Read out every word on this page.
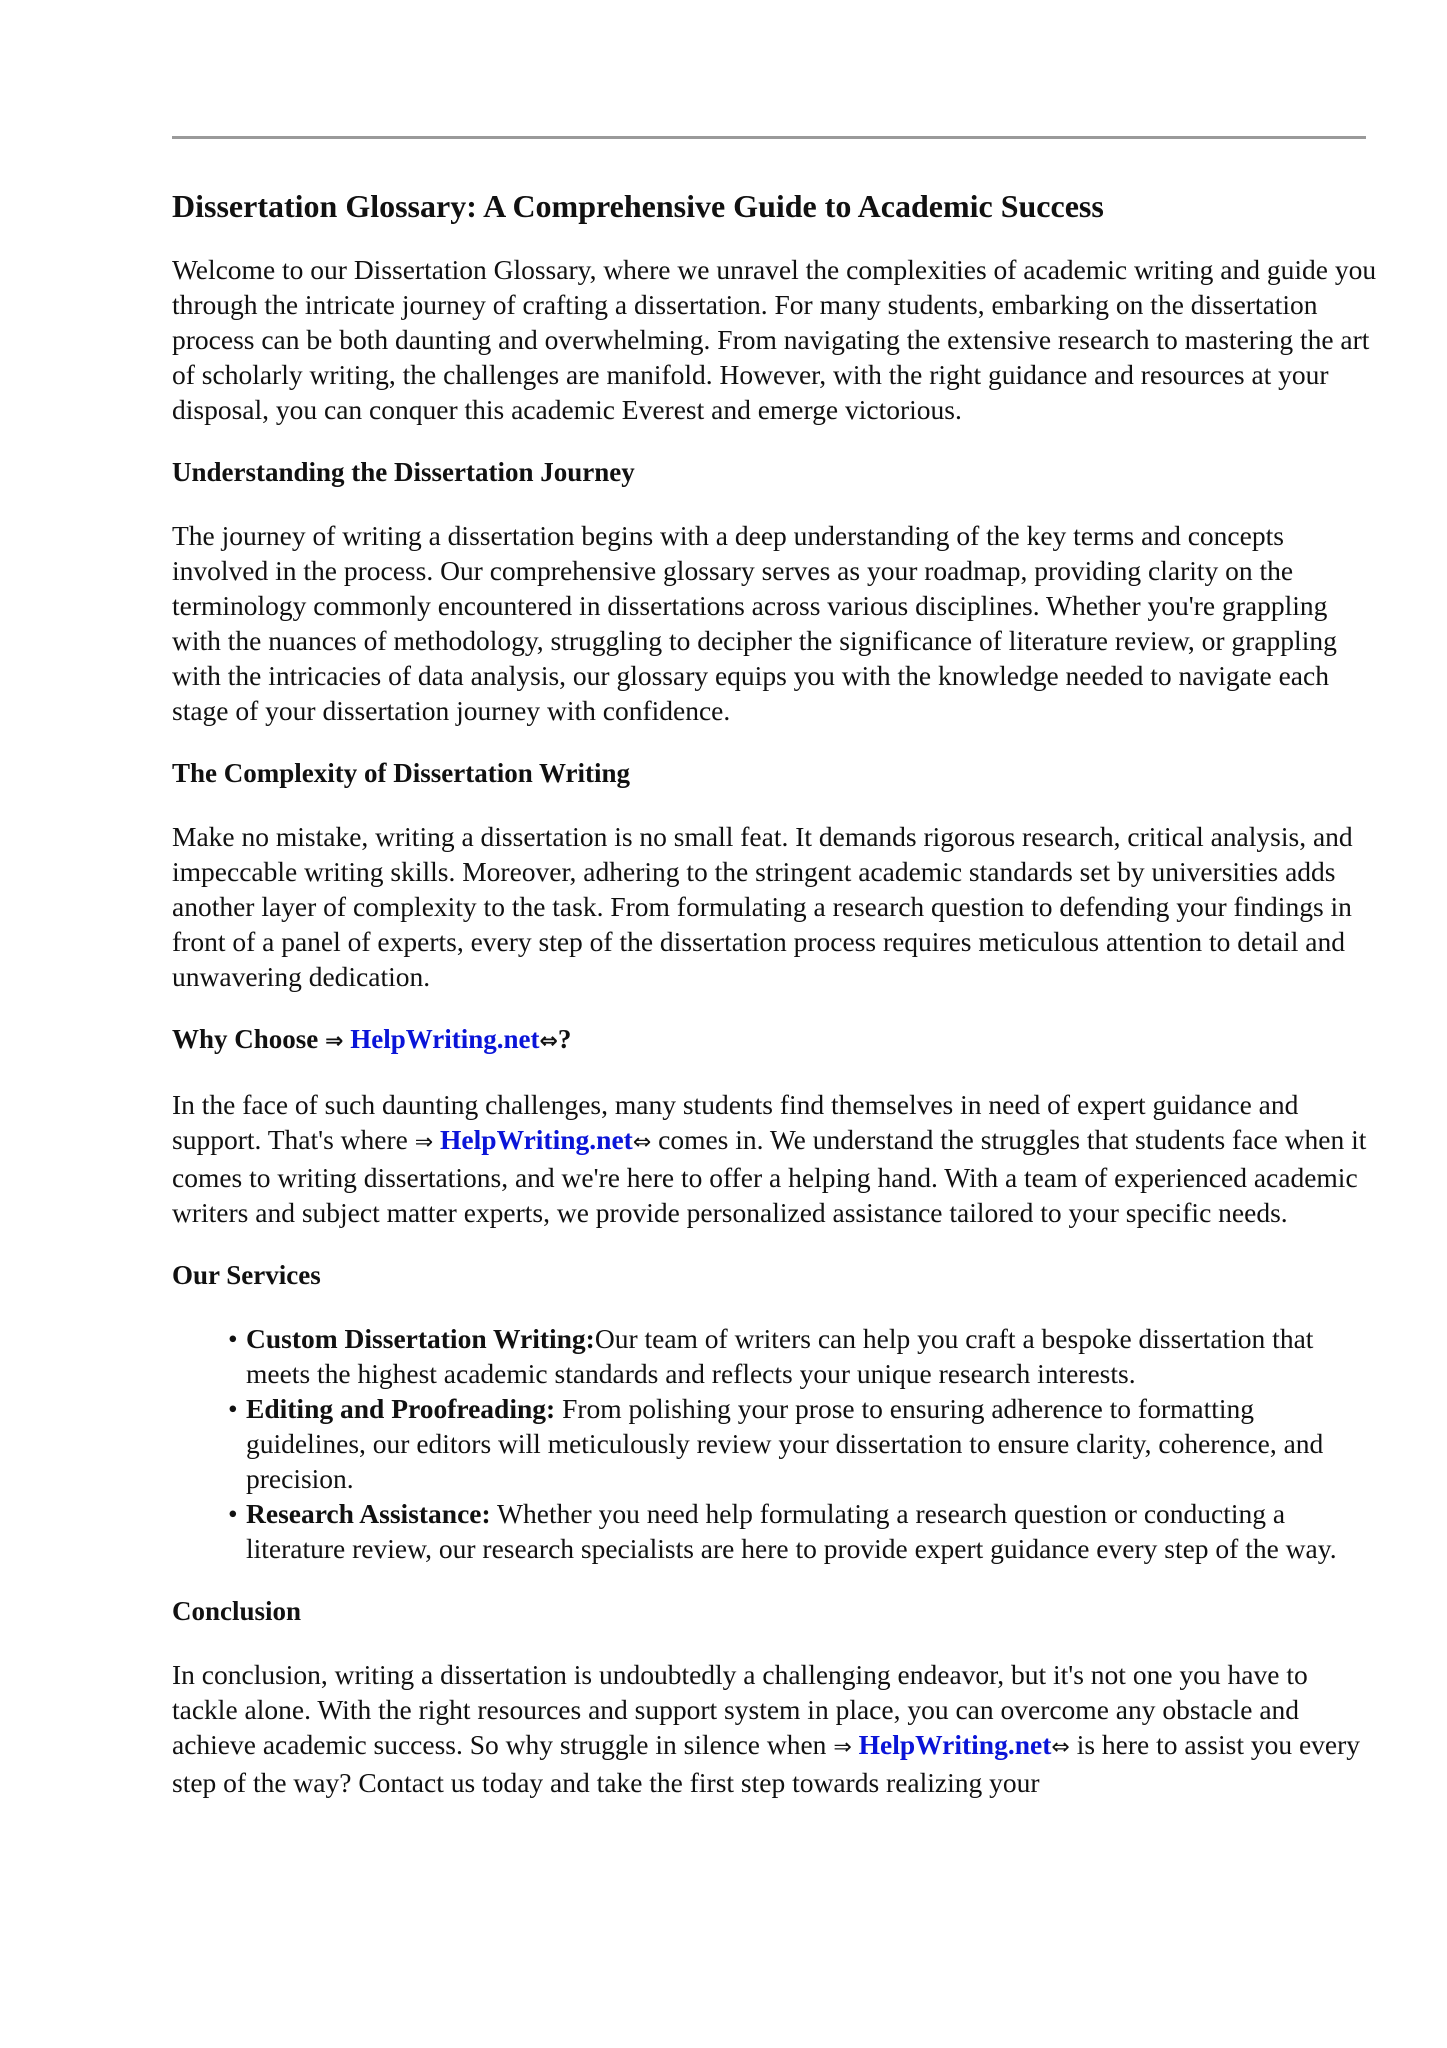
Dissertation Glossary: A Comprehensive Guide to Academic Success

Welcome to our Dissertation Glossary, where we unravel the complexities of academic writing and guide you through the intricate journey of crafting a dissertation. For many students, embarking on the dissertation process can be both daunting and overwhelming. From navigating the extensive research to mastering the art of scholarly writing, the challenges are manifold. However, with the right guidance and resources at your disposal, you can conquer this academic Everest and emerge victorious.

Understanding the Dissertation Journey

The journey of writing a dissertation begins with a deep understanding of the key terms and concepts involved in the process. Our comprehensive glossary serves as your roadmap, providing clarity on the terminology commonly encountered in dissertations across various disciplines. Whether you're grappling with the nuances of methodology, struggling to decipher the significance of literature review, or grappling with the intricacies of data analysis, our glossary equips you with the knowledge needed to navigate each stage of your dissertation journey with confidence.

The Complexity of Dissertation Writing

Make no mistake, writing a dissertation is no small feat. It demands rigorous research, critical analysis, and impeccable writing skills. Moreover, adhering to the stringent academic standards set by universities adds another layer of complexity to the task. From formulating a research question to defending your findings in front of a panel of experts, every step of the dissertation process requires meticulous attention to detail and unwavering dedication.

Why Choose ⇒ HelpWriting.net⇔?

In the face of such daunting challenges, many students find themselves in need of expert guidance and support. That's where ⇒ HelpWriting.net⇔ comes in. We understand the struggles that students face when it comes to writing dissertations, and we're here to offer a helping hand. With a team of experienced academic writers and subject matter experts, we provide personalized assistance tailored to your specific needs.

Our Services
• Custom Dissertation Writing:Our team of writers can help you craft a bespoke dissertation that meets the highest academic standards and reflects your unique research interests.
• Editing and Proofreading: From polishing your prose to ensuring adherence to formatting guidelines, our editors will meticulously review your dissertation to ensure clarity, coherence, and precision.
• Research Assistance: Whether you need help formulating a research question or conducting a literature review, our research specialists are here to provide expert guidance every step of the way.
Conclusion

In conclusion, writing a dissertation is undoubtedly a challenging endeavor, but it's not one you have to tackle alone. With the right resources and support system in place, you can overcome any obstacle and achieve academic success. So why struggle in silence when ⇒ HelpWriting.net⇔ is here to assist you every step of the way? Contact us today and take the first step towards realizing your
